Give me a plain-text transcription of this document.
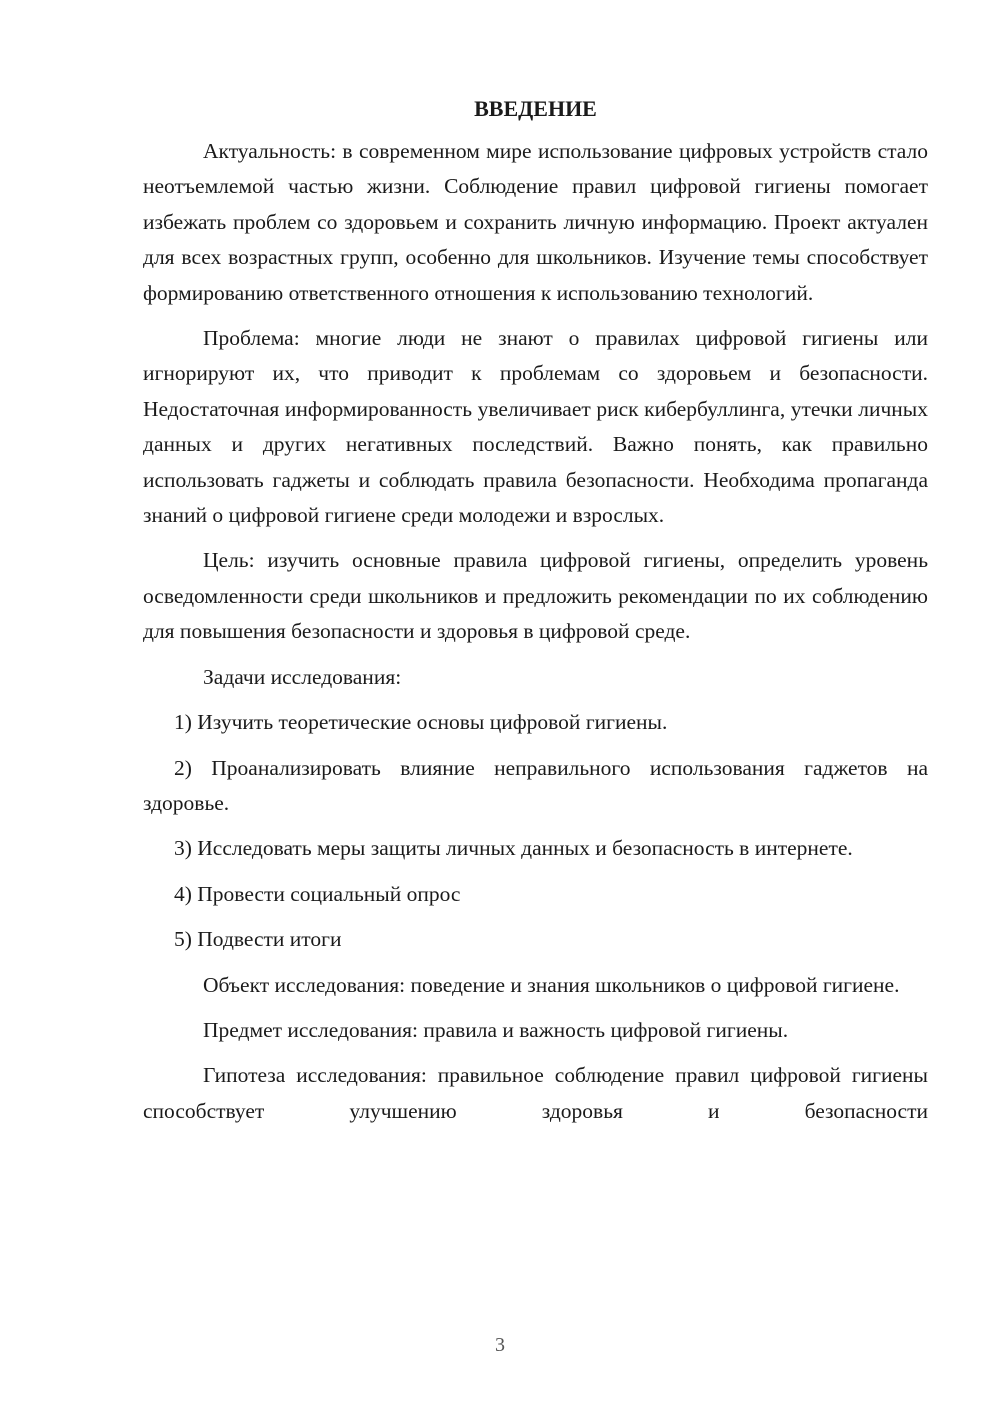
ВВЕДЕНИЕ

Актуальность: в современном мире использование цифровых устройств стало неотъемлемой частью жизни. Соблюдение правил цифровой гигиены помогает избежать проблем со здоровьем и сохранить личную информацию. Проект актуален для всех возрастных групп, особенно для школьников. Изучение темы способствует формированию ответственного отношения к использованию технологий.

Проблема: многие люди не знают о правилах цифровой гигиены или игнорируют их, что приводит к проблемам со здоровьем и безопасности. Недостаточная информированность увеличивает риск кибербуллинга, утечки личных данных и других негативных последствий. Важно понять, как правильно использовать гаджеты и соблюдать правила безопасности. Необходима пропаганда знаний о цифровой гигиене среди молодежи и взрослых.

Цель: изучить основные правила цифровой гигиены, определить уровень осведомленности среди школьников и предложить рекомендации по их соблюдению для повышения безопасности и здоровья в цифровой среде.

Задачи исследования:

1) Изучить теоретические основы цифровой гигиены.

2) Проанализировать влияние неправильного использования гаджетов на здоровье.

3) Исследовать меры защиты личных данных и безопасность в интернете.

4) Провести социальный опрос

5) Подвести итоги

Объект исследования: поведение и знания школьников о цифровой гигиене.

Предмет исследования: правила и важность цифровой гигиены.

Гипотеза исследования: правильное соблюдение правил цифровой гигиены способствует улучшению здоровья и безопасности

3
